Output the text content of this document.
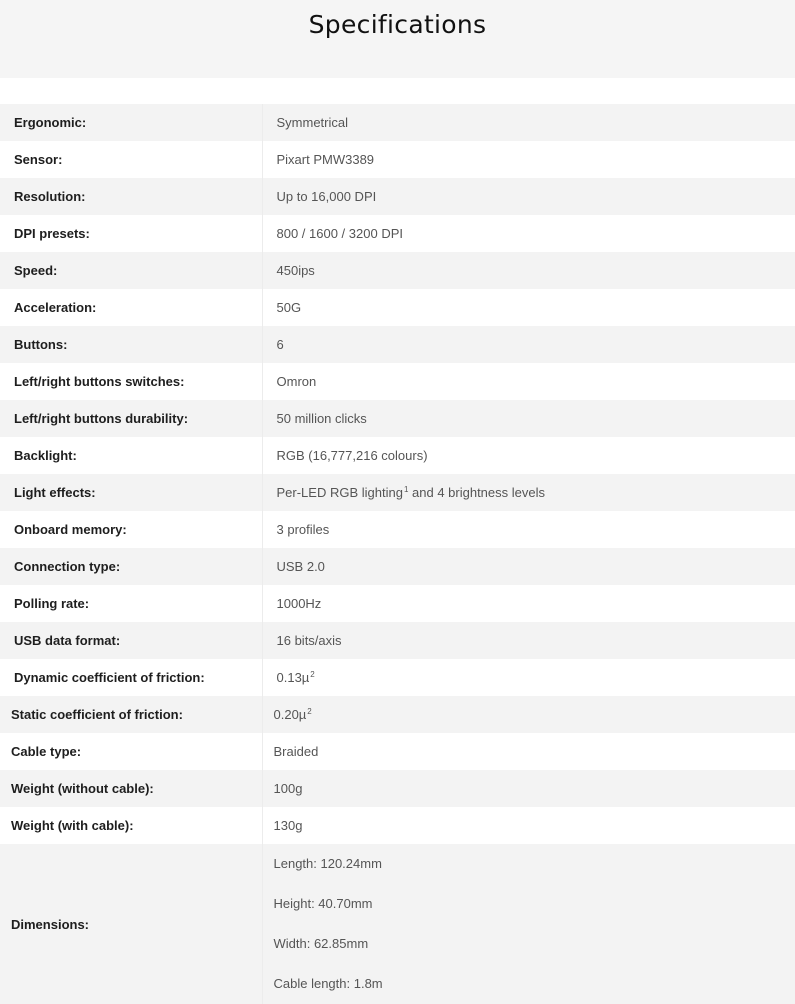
Specifications
Ergonomic:	Symmetrical
Sensor:	Pixart PMW3389
Resolution:	Up to 16,000 DPI
DPI presets:	800 / 1600 / 3200 DPI
Speed:	450ips
Acceleration:	50G
Buttons:	6
Left/right buttons switches:	Omron
Left/right buttons durability:	50 million clicks
Backlight:	RGB (16,777,216 colours)
Light effects:	Per-LED RGB lighting$^1$ and 4 brightness levels
Onboard memory:	3 profiles
Connection type:	USB 2.0
Polling rate:	1000Hz
USB data format:	16 bits/axis
Dynamic coefficient of friction:	0.13µ$^2$
Static coefficient of friction:	0.20µ$^2$
Cable type:	Braided
Weight (without cable):	100g
Weight (with cable):	130g
Dimensions:	Length: 120.24mm
Height: 40.70mm
Width: 62.85mm
Cable length: 1.8m
